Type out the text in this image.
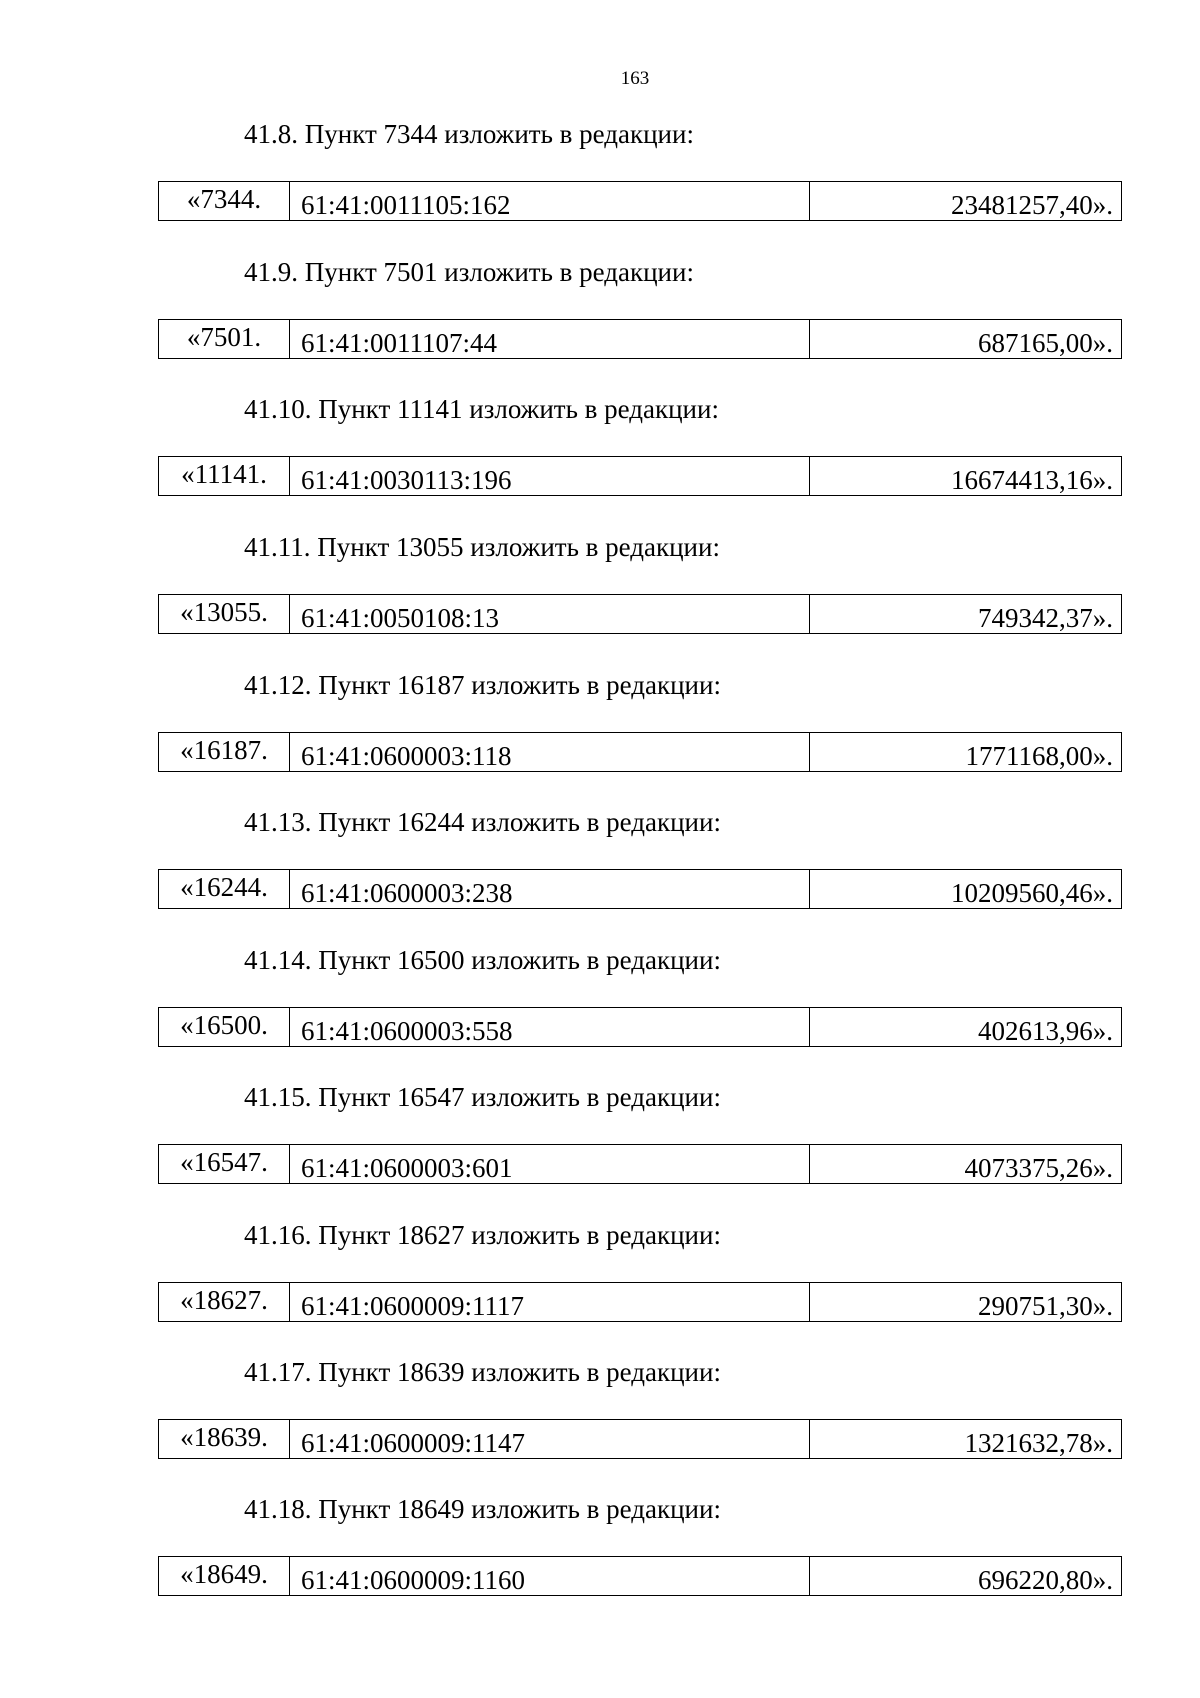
163
41.8. Пункт 7344 изложить в редакции:
«7344.	61:41:0011105:162	23481257,40».
41.9. Пункт 7501 изложить в редакции:
«7501.	61:41:0011107:44	687165,00».
41.10. Пункт 11141 изложить в редакции:
«11141.	61:41:0030113:196	16674413,16».
41.11. Пункт 13055 изложить в редакции:
«13055.	61:41:0050108:13	749342,37».
41.12. Пункт 16187 изложить в редакции:
«16187.	61:41:0600003:118	1771168,00».
41.13. Пункт 16244 изложить в редакции:
«16244.	61:41:0600003:238	10209560,46».
41.14. Пункт 16500 изложить в редакции:
«16500.	61:41:0600003:558	402613,96».
41.15. Пункт 16547 изложить в редакции:
«16547.	61:41:0600003:601	4073375,26».
41.16. Пункт 18627 изложить в редакции:
«18627.	61:41:0600009:1117	290751,30».
41.17. Пункт 18639 изложить в редакции:
«18639.	61:41:0600009:1147	1321632,78».
41.18. Пункт 18649 изложить в редакции:
«18649.	61:41:0600009:1160	696220,80».
